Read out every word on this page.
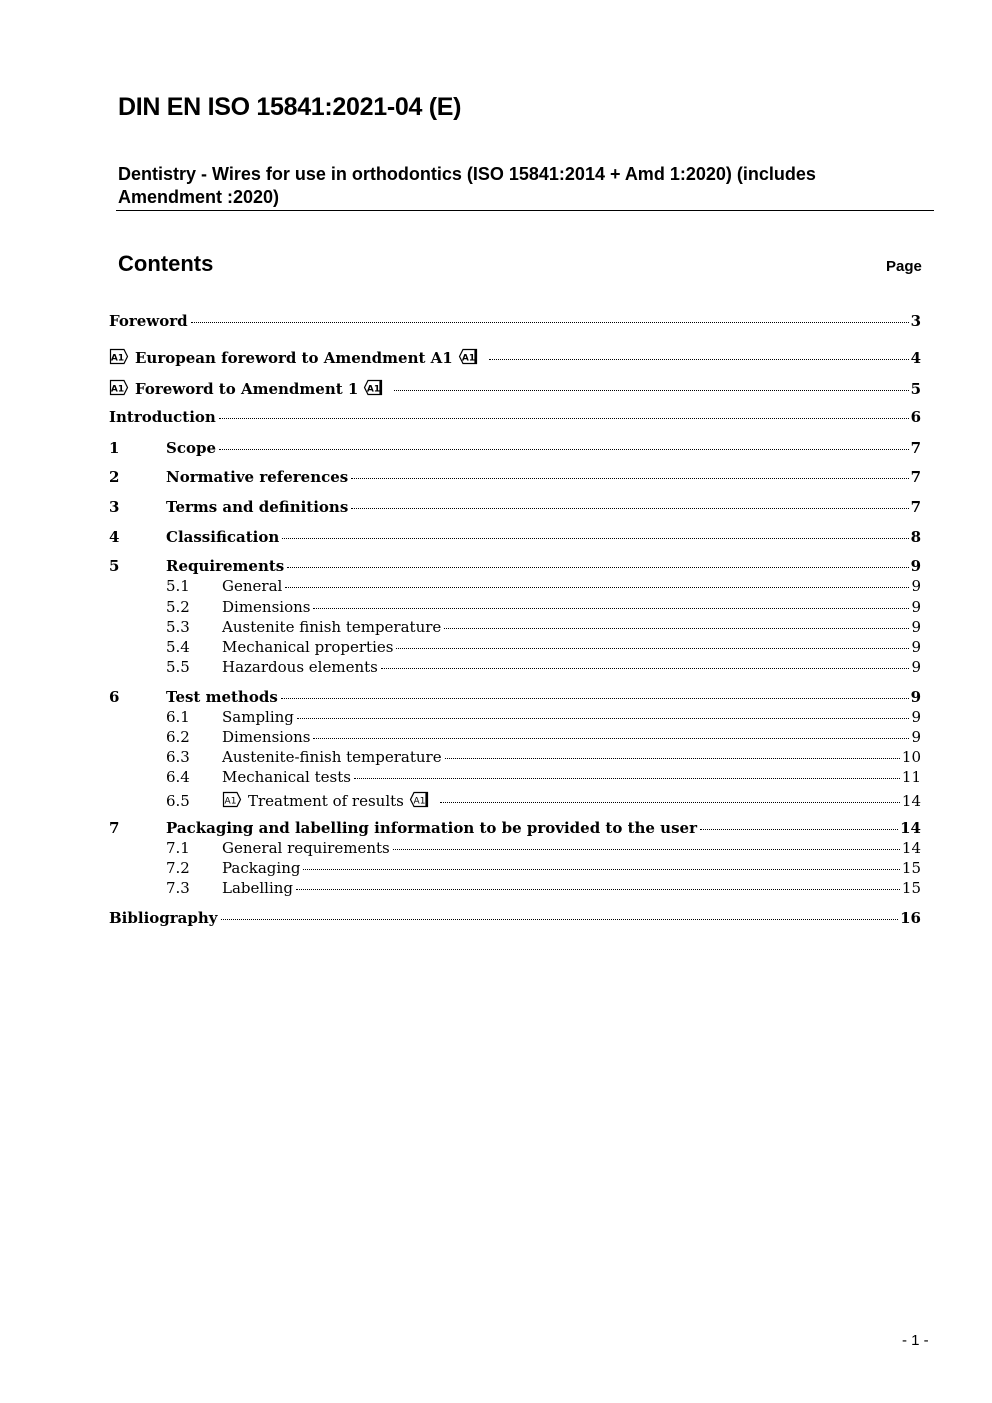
DIN EN ISO 15841:2021-04 (E)
Dentistry - Wires for use in orthodontics (ISO 15841:2014 + Amd 1:2020) (includes Amendment :2020)
Contents	Page
Foreword	3
A1 European foreword to Amendment A1 A1	4
A1 Foreword to Amendment 1 A1	5
Introduction	6
1	Scope	7
2	Normative references	7
3	Terms and definitions	7
4	Classification	8
5	Requirements	9
5.1	General	9
5.2	Dimensions	9
5.3	Austenite finish temperature	9
5.4	Mechanical properties	9
5.5	Hazardous elements	9
6	Test methods	9
6.1	Sampling	9
6.2	Dimensions	9
6.3	Austenite-finish temperature	10
6.4	Mechanical tests	11
6.5	A1 Treatment of results A1	14
7	Packaging and labelling information to be provided to the user	14
7.1	General requirements	14
7.2	Packaging	15
7.3	Labelling	15
Bibliography	16
- 1 -
